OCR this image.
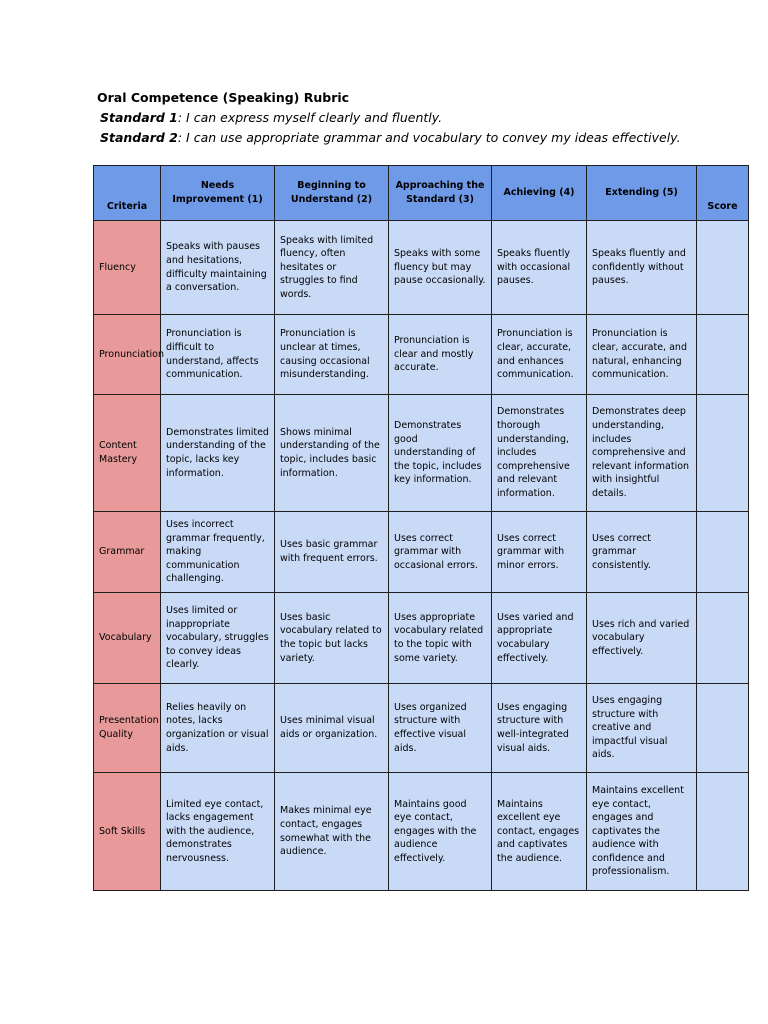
Oral Competence (Speaking) Rubric

Standard 1: I can express myself clearly and fluently.

Standard 2: I can use appropriate grammar and vocabulary to convey my ideas effectively.

Criteria	Needs Improvement (1)	Beginning to Understand (2)	Approaching the Standard (3)	Achieving (4)	Extending (5)	Score
Fluency	Speaks with pauses and hesitations, difficulty maintaining a conversation.	Speaks with limited fluency, often hesitates or struggles to find words.	Speaks with some fluency but may pause occasionally.	Speaks fluently with occasional pauses.	Speaks fluently and confidently without pauses.	
Pronunciation	Pronunciation is difficult to understand, affects communication.	Pronunciation is unclear at times, causing occasional misunderstanding.	Pronunciation is clear and mostly accurate.	Pronunciation is clear, accurate, and enhances communication.	Pronunciation is clear, accurate, and natural, enhancing communication.	
Content Mastery	Demonstrates limited understanding of the topic, lacks key information.	Shows minimal understanding of the topic, includes basic information.	Demonstrates good understanding of the topic, includes key information.	Demonstrates thorough understanding, includes comprehensive and relevant information.	Demonstrates deep understanding, includes comprehensive and relevant information with insightful details.	
Grammar	Uses incorrect grammar frequently, making communication challenging.	Uses basic grammar with frequent errors.	Uses correct grammar with occasional errors.	Uses correct grammar with minor errors.	Uses correct grammar consistently.	
Vocabulary	Uses limited or inappropriate vocabulary, struggles to convey ideas clearly.	Uses basic vocabulary related to the topic but lacks variety.	Uses appropriate vocabulary related to the topic with some variety.	Uses varied and appropriate vocabulary effectively.	Uses rich and varied vocabulary effectively.	
Presentation Quality	Relies heavily on notes, lacks organization or visual aids.	Uses minimal visual aids or organization.	Uses organized structure with effective visual aids.	Uses engaging structure with well-integrated visual aids.	Uses engaging structure with creative and impactful visual aids.	
Soft Skills	Limited eye contact, lacks engagement with the audience, demonstrates nervousness.	Makes minimal eye contact, engages somewhat with the audience.	Maintains good eye contact, engages with the audience effectively.	Maintains excellent eye contact, engages and captivates the audience.	Maintains excellent eye contact, engages and captivates the audience with confidence and professionalism.	
